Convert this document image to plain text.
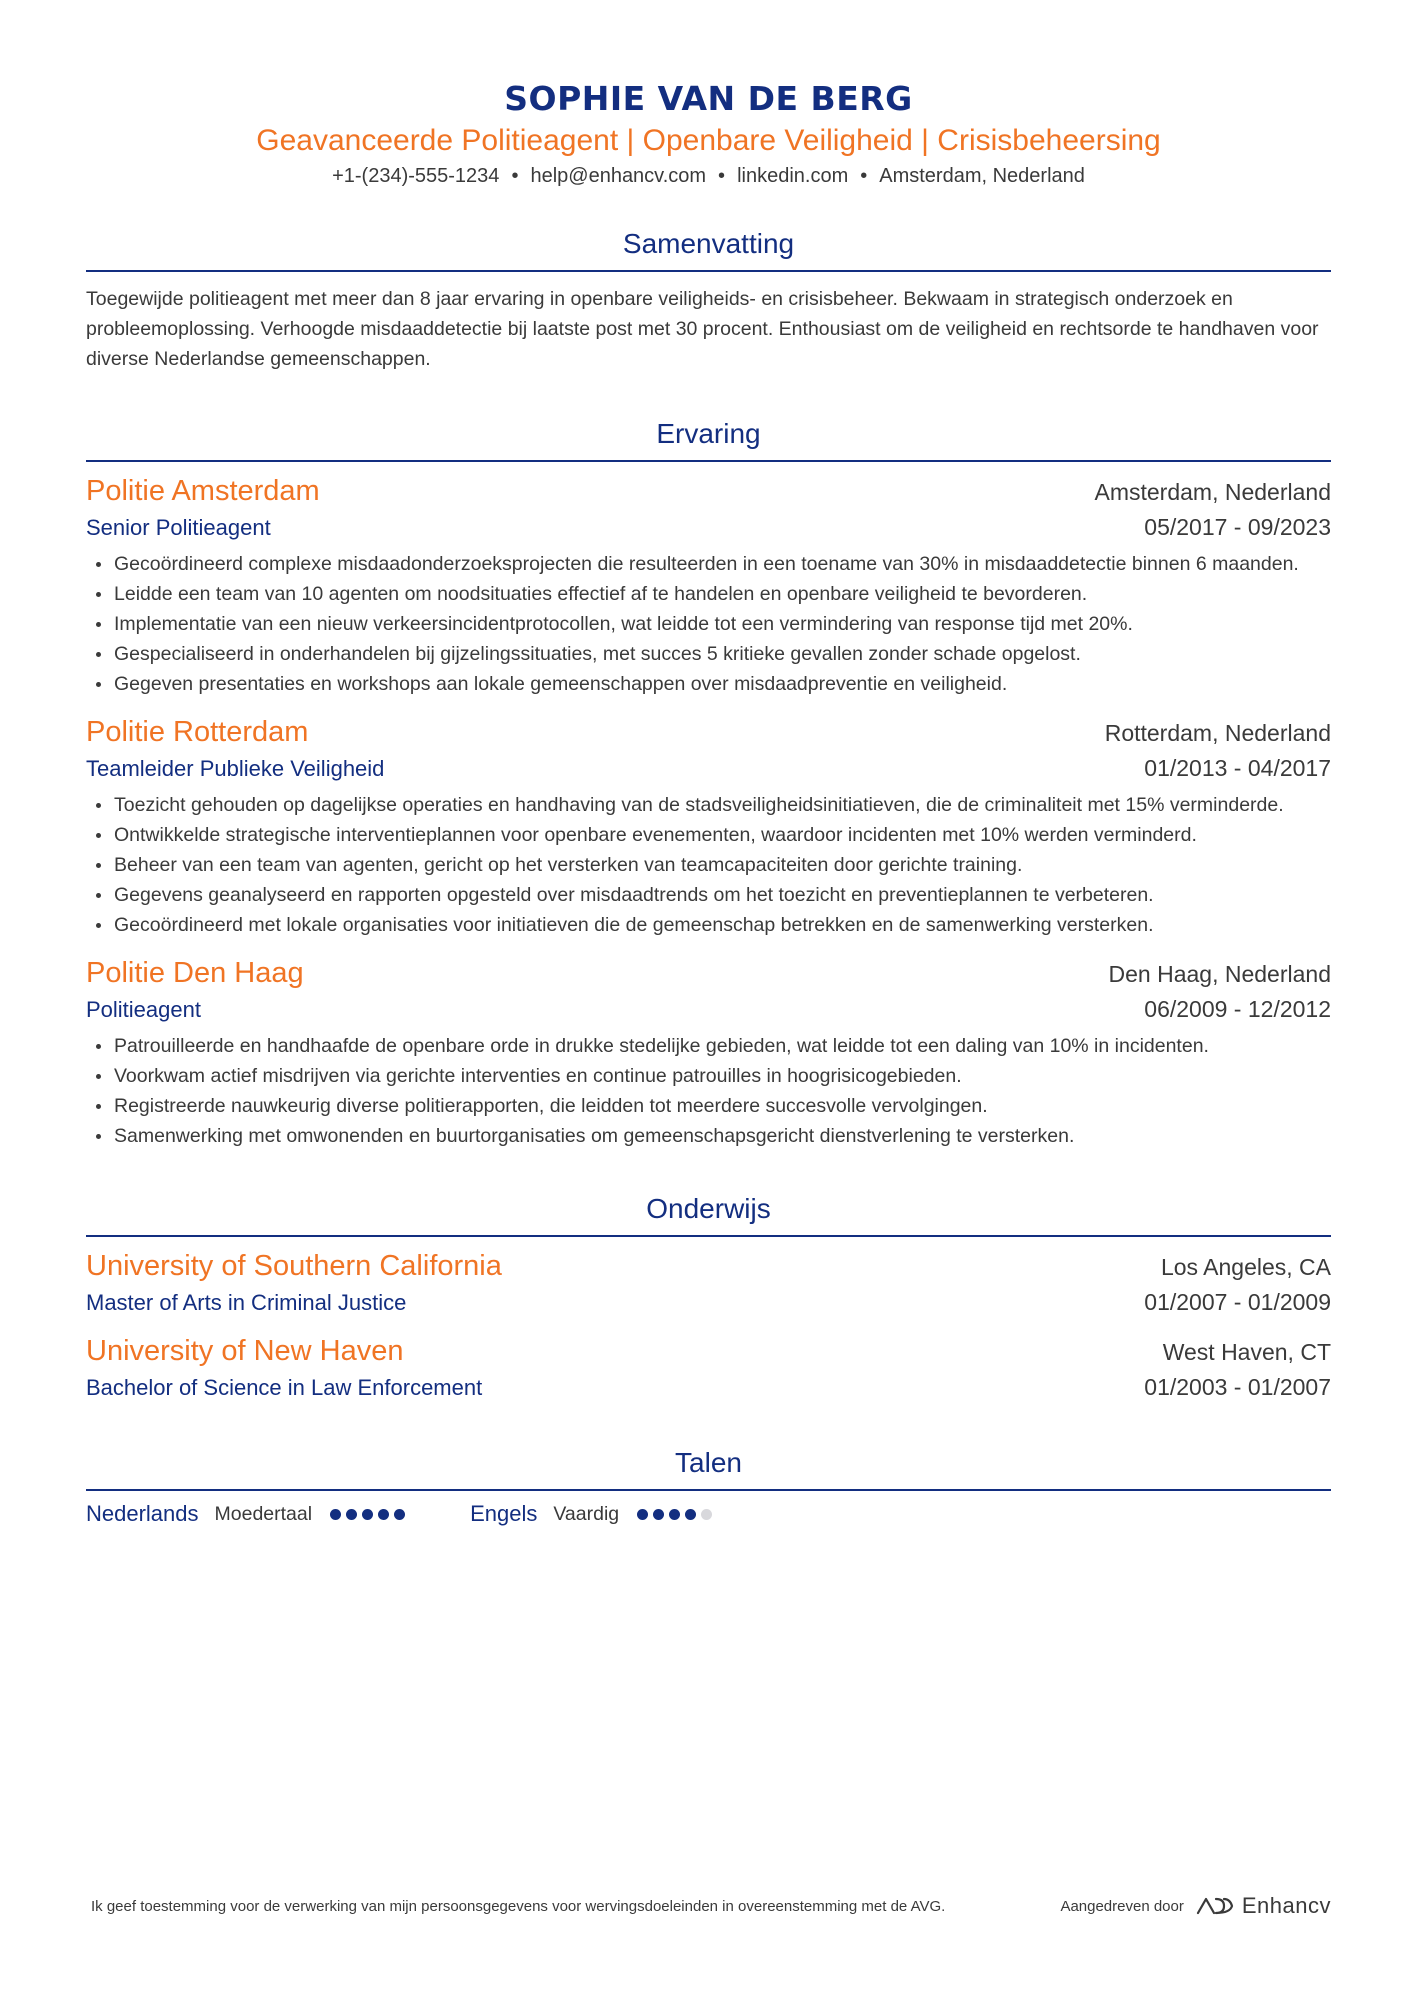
SOPHIE VAN DE BERG
Geavanceerde Politieagent | Openbare Veiligheid | Crisisbeheersing
+1-(234)-555-1234 • help@enhancv.com • linkedin.com • Amsterdam, Nederland
Samenvatting
Toegewijde politieagent met meer dan 8 jaar ervaring in openbare veiligheids- en crisisbeheer. Bekwaam in strategisch onderzoek en probleemoplossing. Verhoogde misdaaddetectie bij laatste post met 30 procent. Enthousiast om de veiligheid en rechtsorde te handhaven voor diverse Nederlandse gemeenschappen.
Ervaring
Politie Amsterdam	Amsterdam, Nederland
Senior Politieagent	05/2017 - 09/2023
Gecoördineerd complexe misdaadonderzoeksprojecten die resulteerden in een toename van 30% in misdaaddetectie binnen 6 maanden.
Leidde een team van 10 agenten om noodsituaties effectief af te handelen en openbare veiligheid te bevorderen.
Implementatie van een nieuw verkeersincidentprotocollen, wat leidde tot een vermindering van response tijd met 20%.
Gespecialiseerd in onderhandelen bij gijzelingssituaties, met succes 5 kritieke gevallen zonder schade opgelost.
Gegeven presentaties en workshops aan lokale gemeenschappen over misdaadpreventie en veiligheid.
Politie Rotterdam	Rotterdam, Nederland
Teamleider Publieke Veiligheid	01/2013 - 04/2017
Toezicht gehouden op dagelijkse operaties en handhaving van de stadsveiligheidsinitiatieven, die de criminaliteit met 15% verminderde.
Ontwikkelde strategische interventieplannen voor openbare evenementen, waardoor incidenten met 10% werden verminderd.
Beheer van een team van agenten, gericht op het versterken van teamcapaciteiten door gerichte training.
Gegevens geanalyseerd en rapporten opgesteld over misdaadtrends om het toezicht en preventieplannen te verbeteren.
Gecoördineerd met lokale organisaties voor initiatieven die de gemeenschap betrekken en de samenwerking versterken.
Politie Den Haag	Den Haag, Nederland
Politieagent	06/2009 - 12/2012
Patrouilleerde en handhaafde de openbare orde in drukke stedelijke gebieden, wat leidde tot een daling van 10% in incidenten.
Voorkwam actief misdrijven via gerichte interventies en continue patrouilles in hoogrisicogebieden.
Registreerde nauwkeurig diverse politierapporten, die leidden tot meerdere succesvolle vervolgingen.
Samenwerking met omwonenden en buurtorganisaties om gemeenschapsgericht dienstverlening te versterken.
Onderwijs
University of Southern California	Los Angeles, CA
Master of Arts in Criminal Justice	01/2007 - 01/2009
University of New Haven	West Haven, CT
Bachelor of Science in Law Enforcement	01/2003 - 01/2007
Talen
Nederlands Moedertaal	Engels Vaardig
Ik geef toestemming voor de verwerking van mijn persoonsgegevens voor wervingsdoeleinden in overeenstemming met de AVG.	Aangedreven door	Enhancv
